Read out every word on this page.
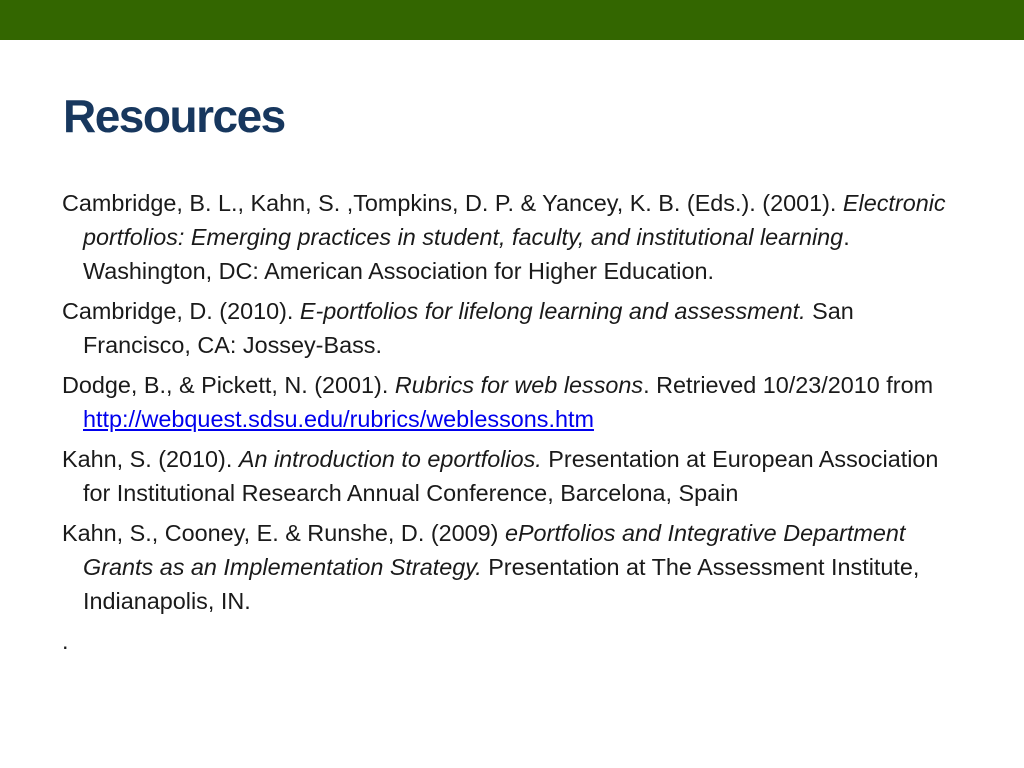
Resources

Cambridge, B. L., Kahn, S. ,Tompkins, D. P. & Yancey, K. B. (Eds.). (2001). Electronic portfolios: Emerging practices in student, faculty, and institutional learning. Washington, DC: American Association for Higher Education.

Cambridge, D. (2010). E-portfolios for lifelong learning and assessment. San Francisco, CA: Jossey-Bass.

Dodge, B., & Pickett, N. (2001). Rubrics for web lessons. Retrieved 10/23/2010 from http://webquest.sdsu.edu/rubrics/weblessons.htm

Kahn, S. (2010). An introduction to eportfolios. Presentation at European Association for Institutional Research Annual Conference, Barcelona, Spain

Kahn, S., Cooney, E. & Runshe, D. (2009) ePortfolios and Integrative Department Grants as an Implementation Strategy. Presentation at The Assessment Institute, Indianapolis, IN.

.
